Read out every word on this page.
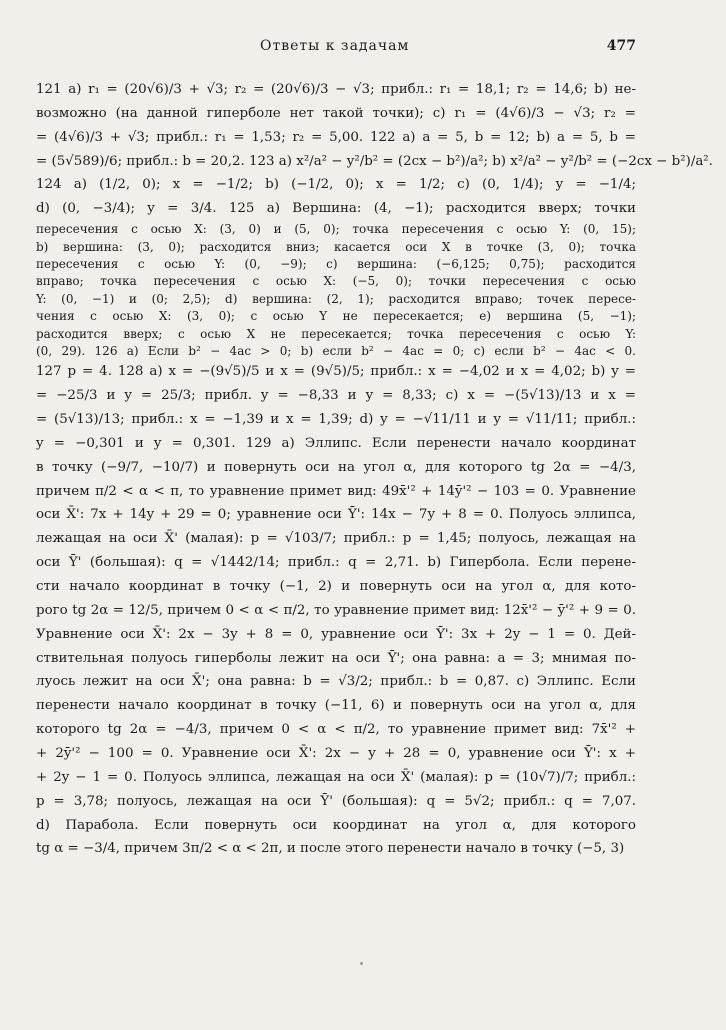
Ответы к задачам	477
121 а) r₁ = (20√6)/3 + √3; r₂ = (20√6)/3 − √3; прибл.: r₁ = 18,1; r₂ = 14,6; b) не-
возможно (на данной гиперболе нет такой точки); c) r₁ = (4√6)/3 − √3; r₂ =
= (4√6)/3 + √3; прибл.: r₁ = 1,53; r₂ = 5,00. 122 a) a = 5, b = 12; b) a = 5, b =
= (5√589)/6; прибл.: b = 20,2. 123 a) x²/a² − y²/b² = (2cx − b²)/a²; b) x²/a² − y²/b² = (−2cx − b²)/a².
124 a) (1/2, 0); x = −1/2; b) (−1/2, 0); x = 1/2; c) (0, 1/4); y = −1/4;
d) (0, −3/4); y = 3/4. 125 a) Вершина: (4, −1); расходится вверх; точки
пересечения с осью X: (3, 0) и (5, 0); точка пересечения с осью Y: (0, 15);
b) вершина: (3, 0); расходится вниз; касается оси X в точке (3, 0); точка
пересечения с осью Y: (0, −9); c) вершина: (−6,125; 0,75); расходится
вправо; точка пересечения с осью X: (−5, 0); точки пересечения с осью
Y: (0, −1) и (0; 2,5); d) вершина: (2, 1); расходится вправо; точек пересе-
чения с осью X: (3, 0); с осью Y не пересекается; e) вершина (5, −1);
расходится вверх; с осью X не пересекается; точка пересечения с осью Y:
(0, 29). 126 a) Если b² − 4ac > 0; b) если b² − 4ac = 0; c) если b² − 4ac < 0.
127 p = 4. 128 a) x = −(9√5)/5 и x = (9√5)/5; прибл.: x = −4,02 и x = 4,02; b) y =
= −25/3 и y = 25/3; прибл. y = −8,33 и y = 8,33; c) x = −(5√13)/13 и x =
= (5√13)/13; прибл.: x = −1,39 и x = 1,39; d) y = −√11/11 и y = √11/11; прибл.:
y = −0,301 и y = 0,301. 129 a) Эллипс. Если перенести начало координат
в точку (−9/7, −10/7) и повернуть оси на угол α, для которого tg 2α = −4/3,
причем π/2 < α < π, то уравнение примет вид: 49x̄'² + 14ȳ'² − 103 = 0. Уравнение
оси X̄': 7x + 14y + 29 = 0; уравнение оси Ȳ': 14x − 7y + 8 = 0. Полуось эллипса,
лежащая на оси X̄' (малая): p = √103/7; прибл.: p = 1,45; полуось, лежащая на
оси Ȳ' (большая): q = √1442/14; прибл.: q = 2,71. b) Гипербола. Если перене-
сти начало координат в точку (−1, 2) и повернуть оси на угол α, для кото-
рого tg 2α = 12/5, причем 0 < α < π/2, то уравнение примет вид: 12x̄'² − ȳ'² + 9 = 0.
Уравнение оси X̄': 2x − 3y + 8 = 0, уравнение оси Ȳ': 3x + 2y − 1 = 0. Дей-
ствительная полуось гиперболы лежит на оси Ȳ'; она равна: a = 3; мнимая по-
луось лежит на оси X̄'; она равна: b = √3/2; прибл.: b = 0,87. c) Эллипс. Если
перенести начало координат в точку (−11, 6) и повернуть оси на угол α, для
которого tg 2α = −4/3, причем 0 < α < π/2, то уравнение примет вид: 7x̄'² +
+ 2ȳ'² − 100 = 0. Уравнение оси X̄': 2x − y + 28 = 0, уравнение оси Ȳ': x +
+ 2y − 1 = 0. Полуось эллипса, лежащая на оси X̄' (малая): p = (10√7)/7; прибл.:
p = 3,78; полуось, лежащая на оси Ȳ' (большая): q = 5√2; прибл.: q = 7,07.
d) Парабола. Если повернуть оси координат на угол α, для которого
tg α = −3/4, причем 3π/2 < α < 2π, и после этого перенести начало в точку (−5, 3)
